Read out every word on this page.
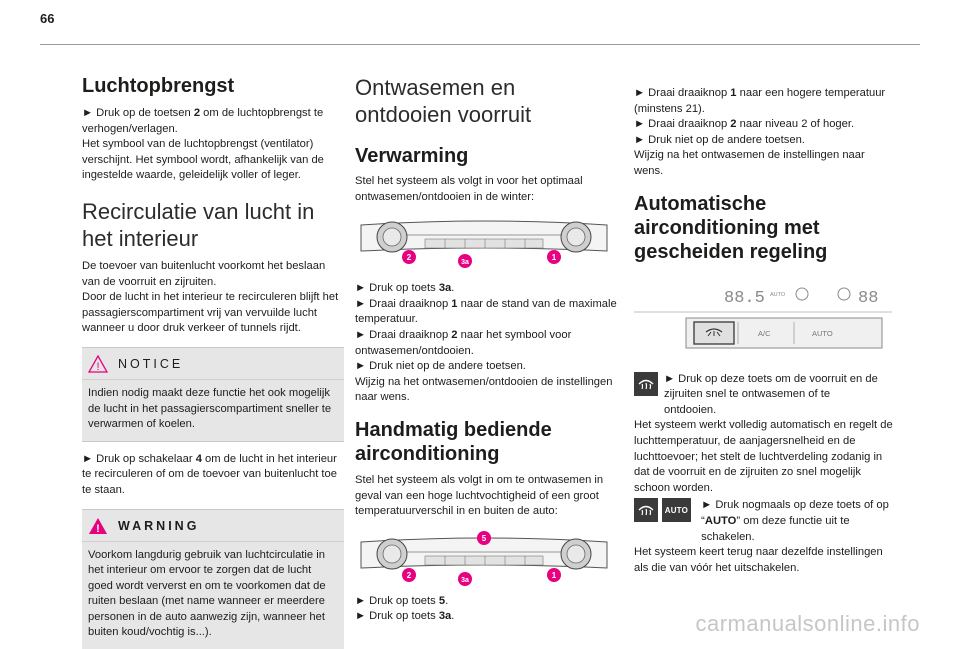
66
Luchtopbrengst

► Druk op de toetsen 2 om de luchtopbrengst te verhogen/verlagen.
Het symbool van de luchtopbrengst (ventilator) verschijnt. Het symbool wordt, afhankelijk van de ingestelde waarde, geleidelijk voller of leger.

Recirculatie van lucht in het interieur

De toevoer van buitenlucht voorkomt het beslaan van de voorruit en zijruiten.
Door de lucht in het interieur te recirculeren blijft het passagierscompartiment vrij van vervuilde lucht wanneer u door druk verkeer of tunnels rijdt.

! NOTICE

Indien nodig maakt deze functie het ook mogelijk de lucht in het passagierscompartiment sneller te verwarmen of koelen.

► Druk op schakelaar 4 om de lucht in het interieur te recirculeren of om de toevoer van buitenlucht toe te staan.

! WARNING

Voorkom langdurig gebruik van luchtcirculatie in het interieur om ervoor te zorgen dat de lucht goed wordt ververst en om te voorkomen dat de ruiten beslaan (met name wanneer er meerdere personen in de auto aanwezig zijn, wanneer het buiten koud/vochtig is...).

Ontwasemen en ontdooien voorruit
Verwarming

Stel het systeem als volgt in voor het optimaal ontwasemen/ontdooien in de winter:

2
3a
1

► Druk op toets 3a.
► Draai draaiknop 1 naar de stand van de maximale temperatuur.
► Draai draaiknop 2 naar het symbool voor ontwasemen/ontdooien.
► Druk niet op de andere toetsen.
Wijzig na het ontwasemen/ontdooien de instellingen naar wens.

Handmatig bediende airconditioning

Stel het systeem als volgt in om te ontwasemen in geval van een hoge luchtvochtigheid of een groot temperatuurverschil in en buiten de auto:

5
2
3a
1

► Druk op toets 5.
► Druk op toets 3a.

► Draai draaiknop 1 naar een hogere temperatuur (minstens 21).
► Draai draaiknop 2 naar niveau 2 of hoger.
► Druk niet op de andere toetsen.
Wijzig na het ontwasemen de instellingen naar wens.

Automatische airconditioning met gescheiden regeling
88.5 AUTO	88
A/C	AUTO

► Druk op deze toets om de voorruit en de zijruiten snel te ontwasemen of te ontdooien.

Het systeem werkt volledig automatisch en regelt de luchttemperatuur, de aanjagersnelheid en de luchttoevoer; het stelt de luchtverdeling zodanig in dat de voorruit en de zijruiten zo snel mogelijk schoon worden.

AUTO ► Druk nogmaals op deze toets of op “AUTO” om deze functie uit te schakelen.

Het systeem keert terug naar dezelfde instellingen als die van vóór het uitschakelen.

carmanualsonline.info
